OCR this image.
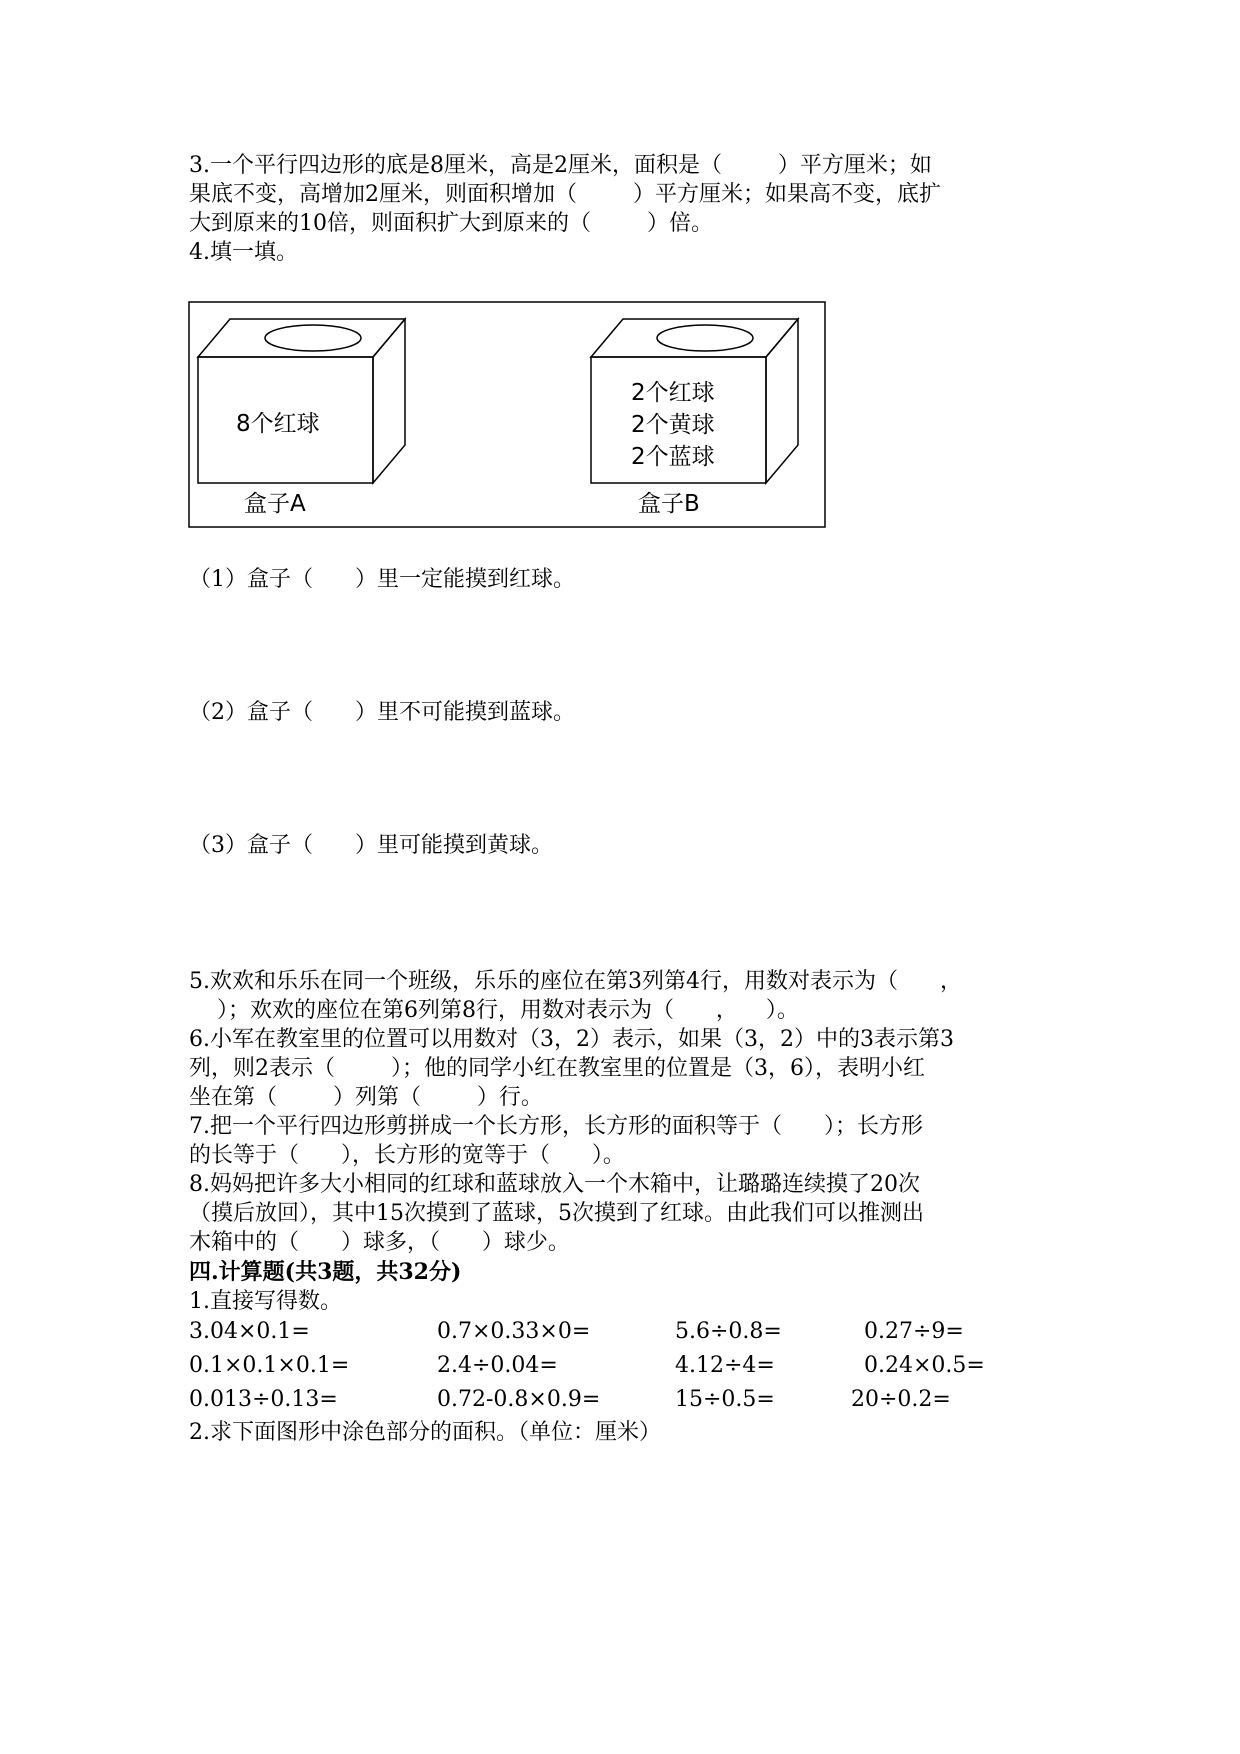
3.一个平行四边形的底是8厘米，高是2厘米，面积是（        ）平方厘米；如
果底不变，高增加2厘米，则面积增加（        ）平方厘米；如果高不变，底扩
大到原来的10倍，则面积扩大到原来的（        ）倍。
4.填一填。
8个红球
盒子A
2个红球
2个黄球
2个蓝球
盒子B
（1）盒子（      ）里一定能摸到红球。
（2）盒子（      ）里不可能摸到蓝球。
（3）盒子（      ）里可能摸到黄球。
5.欢欢和乐乐在同一个班级，乐乐的座位在第3列第4行，用数对表示为（      ，
）；欢欢的座位在第6列第8行，用数对表示为（      ，    ）。
6.小军在教室里的位置可以用数对（3，2）表示，如果（3，2）中的3表示第3
列，则2表示（        ）；他的同学小红在教室里的位置是（3，6），表明小红
坐在第（        ）列第（        ）行。
7.把一个平行四边形剪拼成一个长方形，长方形的面积等于（      ）；长方形
的长等于（      ），长方形的宽等于（      ）。
8.妈妈把许多大小相同的红球和蓝球放入一个木箱中，让璐璐连续摸了20次
（摸后放回），其中15次摸到了蓝球，5次摸到了红球。由此我们可以推测出
木箱中的（      ）球多，（      ）球少。
四.计算题(共3题，共32分)
1.直接写得数。
3.04×0.1=	0.7×0.33×0=	5.6÷0.8=	0.27÷9=
0.1×0.1×0.1=	2.4÷0.04=	4.12÷4=	0.24×0.5=
0.013÷0.13=	0.72-0.8×0.9=	15÷0.5=	20÷0.2=
2.求下面图形中涂色部分的面积。（单位：厘米）
